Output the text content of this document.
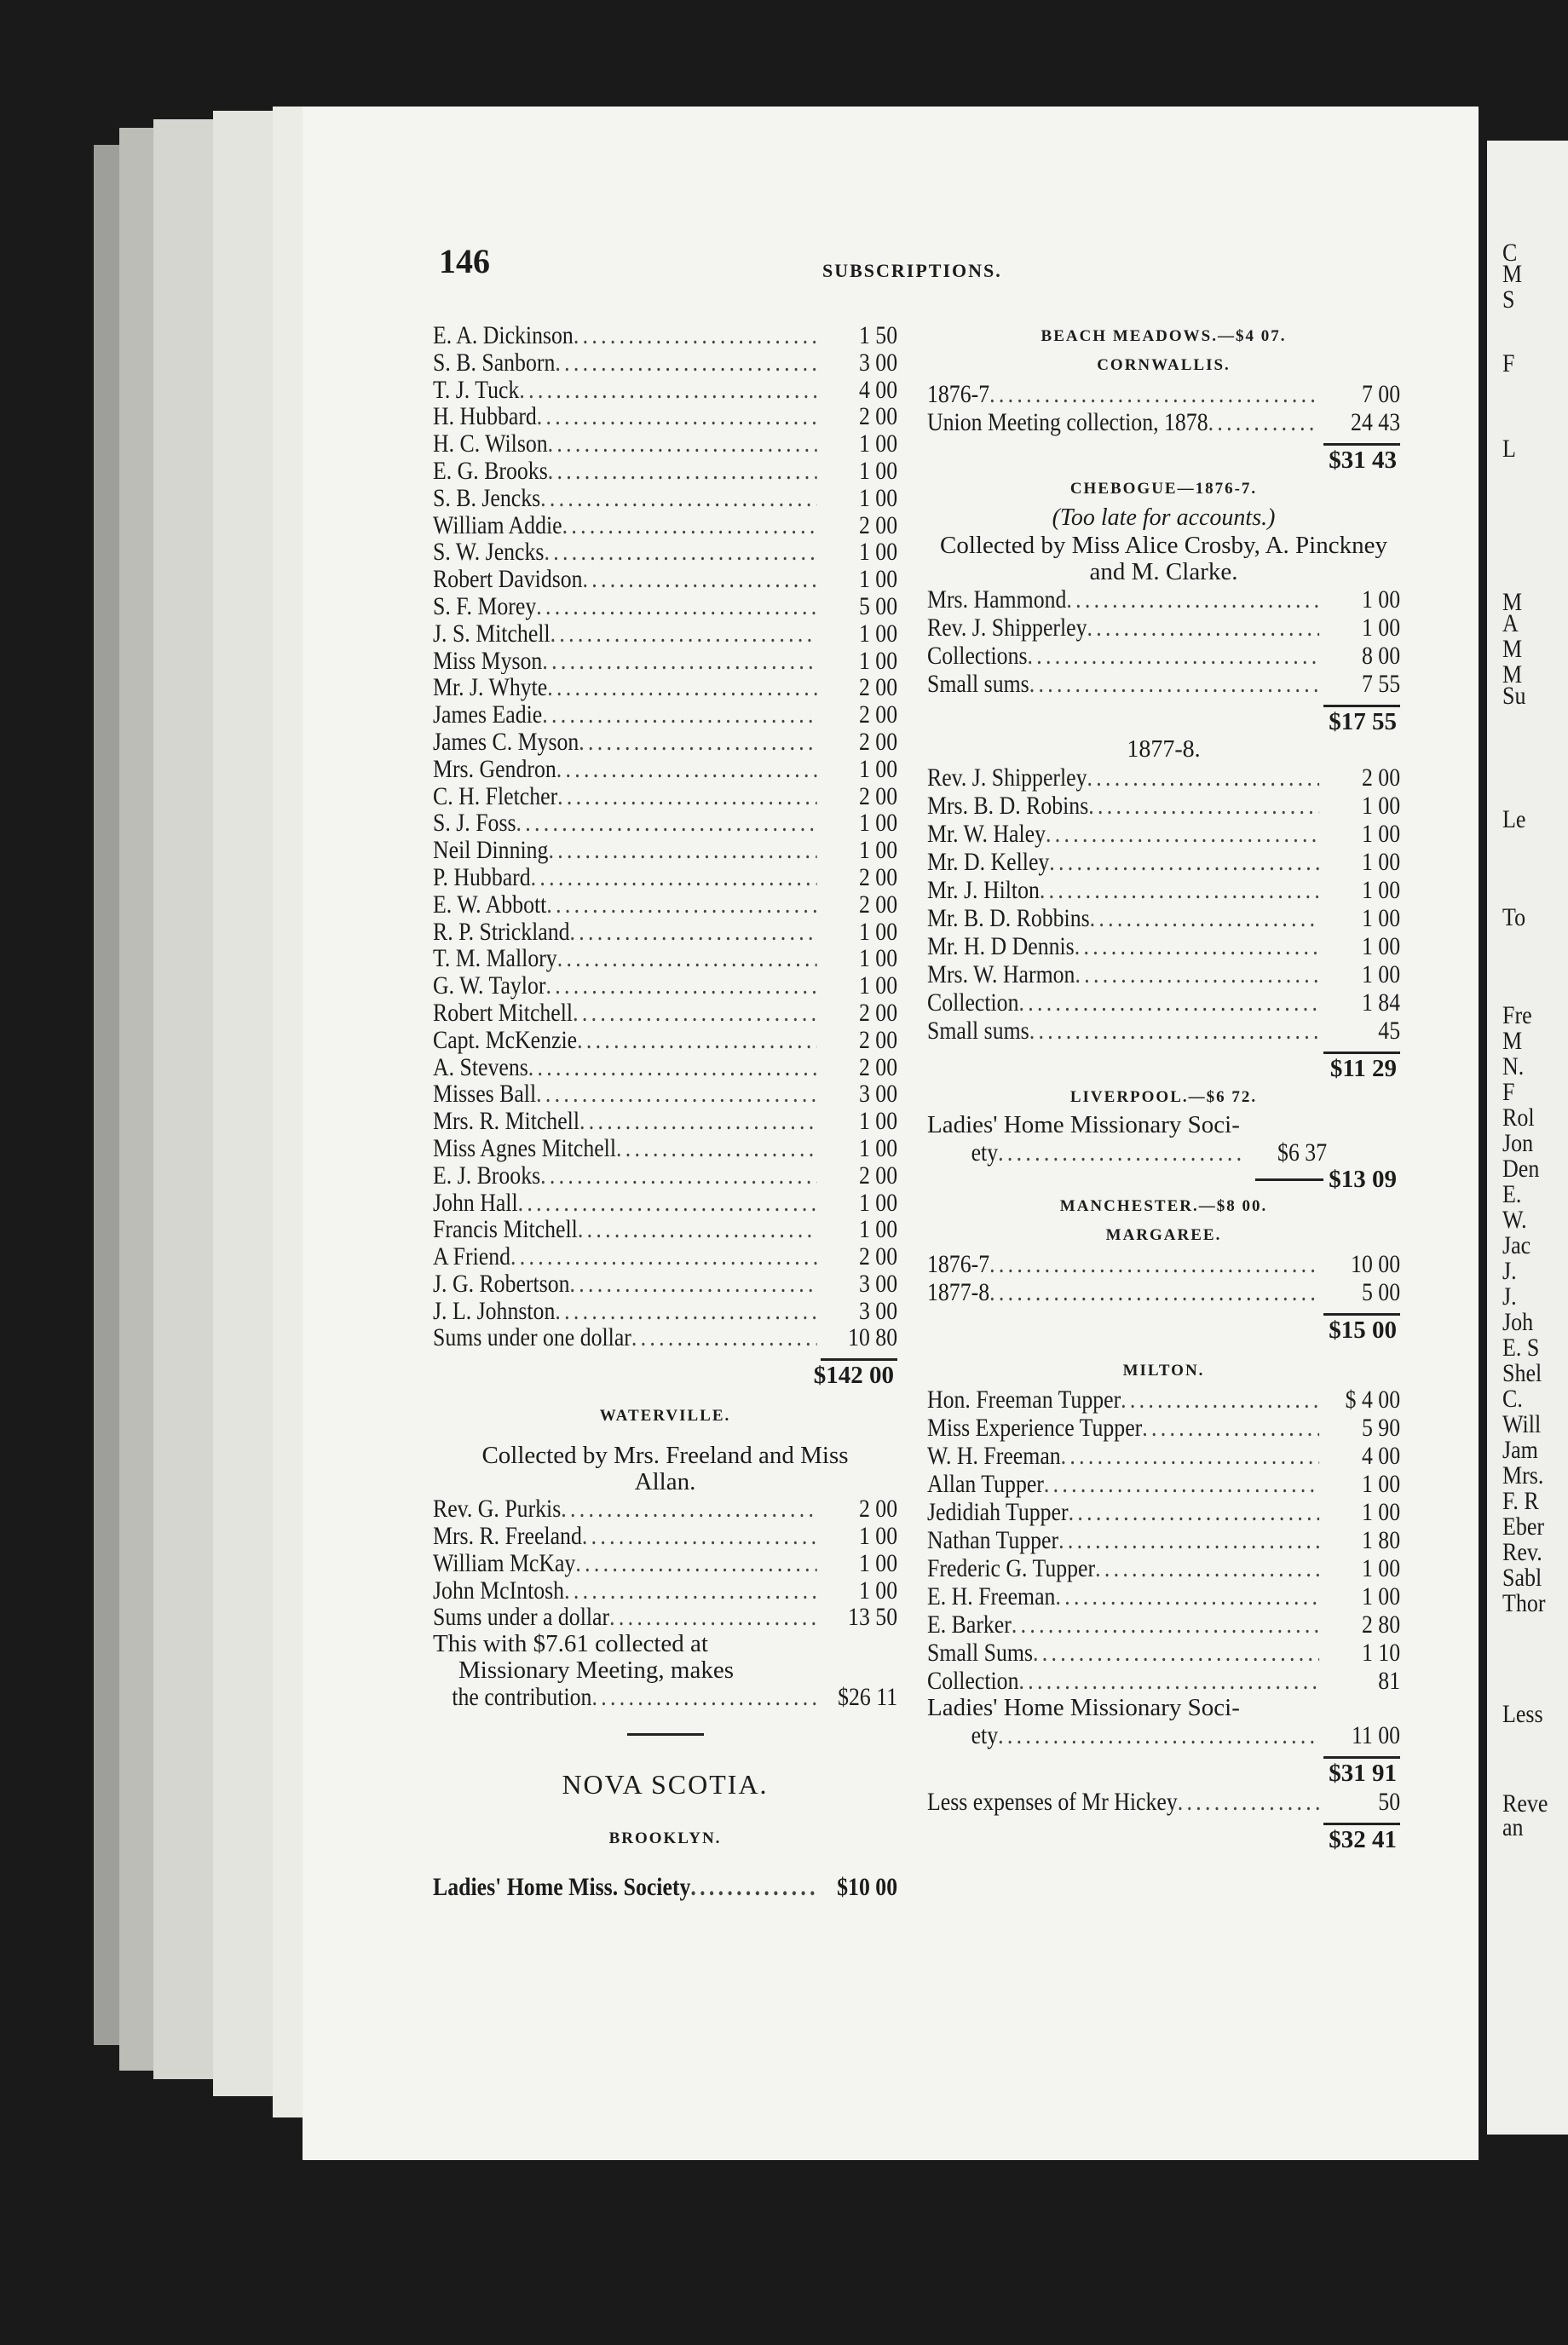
C
M
S
F
L
M
A
M
M
Su
Le
To
Fre
M
N.
F
Rol
Jon
Den
E.
W.
Jac
J.
J.
Joh
E. S
Shel
C.
Will
Jam
Mrs.
F. R
Eber
Rev.
Sabl
Thor
Less
Reve
an
146	SUBSCRIPTIONS.
E. A. Dickinson .....	1 50
S. B. Sanborn .....	3 00
T. J. Tuck .....	4 00
H. Hubbard .....	2 00
H. C. Wilson .....	1 00
E. G. Brooks .....	1 00
S. B. Jencks .....	1 00
William Addie .....	2 00
S. W. Jencks .....	1 00
Robert Davidson .....	1 00
S. F. Morey .....	5 00
J. S. Mitchell .....	1 00
Miss Myson .....	1 00
Mr. J. Whyte .....	2 00
James Eadie .....	2 00
James C. Myson .....	2 00
Mrs. Gendron .....	1 00
C. H. Fletcher .....	2 00
S. J. Foss .....	1 00
Neil Dinning .....	1 00
P. Hubbard .....	2 00
E. W. Abbott .....	2 00
R. P. Strickland .....	1 00
T. M. Mallory .....	1 00
G. W. Taylor .....	1 00
Robert Mitchell .....	2 00
Capt. McKenzie .....	2 00
A. Stevens .....	2 00
Misses Ball .....	3 00
Mrs. R. Mitchell .....	1 00
Miss Agnes Mitchell .....	1 00
E. J. Brooks .....	2 00
John Hall .....	1 00
Francis Mitchell .....	1 00
A Friend .....	2 00
J. G. Robertson .....	3 00
J. L. Johnston .....	3 00
Sums under one dollar .....	10 80
$142 00
WATERVILLE.
Collected by Mrs. Freeland and Miss Allan.
Rev. G. Purkis .....	2 00
Mrs. R. Freeland .....	1 00
William McKay .....	1 00
John McIntosh .....	1 00
Sums under a dollar .....	13 50
This with $7.61 collected at
Missionary Meeting, makes
the contribution .....	$26 11
NOVA SCOTIA.
BROOKLYN.
Ladies' Home Miss. Society .....	$10 00
BEACH MEADOWS.—$4 07.
CORNWALLIS.
1876-7 .....	7 00
Union Meeting collection, 1878 .....	24 43
$31 43
CHEBOGUE—1876-7.
(Too late for accounts.)
Collected by Miss Alice Crosby, A. Pinckney and M. Clarke.
Mrs. Hammond .....	1 00
Rev. J. Shipperley .....	1 00
Collections .....	8 00
Small sums .....	7 55
$17 55
1877-8.
Rev. J. Shipperley .....	2 00
Mrs. B. D. Robins .....	1 00
Mr. W. Haley .....	1 00
Mr. D. Kelley .....	1 00
Mr. J. Hilton .....	1 00
Mr. B. D. Robbins .....	1 00
Mr. H. D Dennis .....	1 00
Mrs. W. Harmon .....	1 00
Collection .....	1 84
Small sums .....	45
$11 29
LIVERPOOL.—$6 72.
Ladies' Home Missionary Soci-
ety .....	$6 37
$13 09
MANCHESTER.—$8 00.
MARGAREE.
1876-7 .....	10 00
1877-8 .....	5 00
$15 00
MILTON.
Hon. Freeman Tupper .....	$ 4 00
Miss Experience Tupper .....	5 90
W. H. Freeman .....	4 00
Allan Tupper .....	1 00
Jedidiah Tupper .....	1 00
Nathan Tupper .....	1 80
Frederic G. Tupper .....	1 00
E. H. Freeman .....	1 00
E. Barker .....	2 80
Small Sums .....	1 10
Collection .....	81
Ladies' Home Missionary Soci-
ety .....	11 00
$31 91
Less expenses of Mr Hickey .....	50
$32 41
